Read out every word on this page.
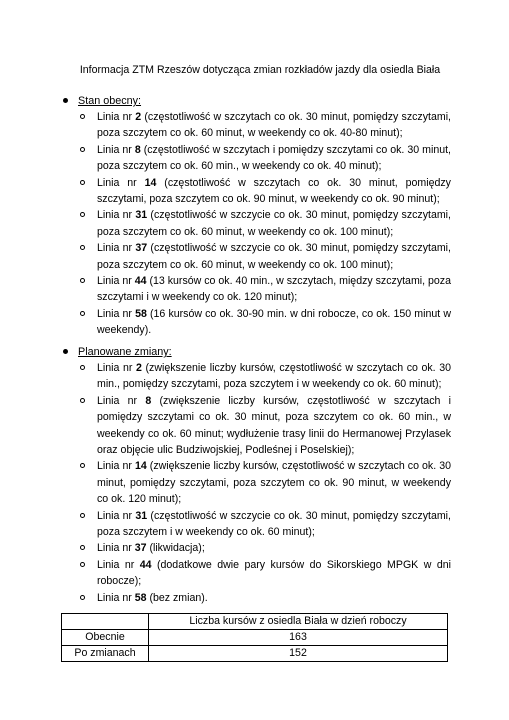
Informacja ZTM Rzeszów dotycząca zmian rozkładów jazdy dla osiedla Biała
Stan obecny:
Linia nr 2 (częstotliwość w szczytach co ok. 30 minut, pomiędzy szczytami, poza szczytem co ok. 60 minut, w weekendy co ok. 40-80 minut);
Linia nr 8 (częstotliwość w szczytach i pomiędzy szczytami co ok. 30 minut, poza szczytem co ok. 60 min., w weekendy co ok. 40 minut);
Linia nr 14 (częstotliwość w szczytach co ok. 30 minut, pomiędzy szczytami, poza szczytem co ok. 90 minut, w weekendy co ok. 90 minut);
Linia nr 31 (częstotliwość w szczycie co ok. 30 minut, pomiędzy szczytami, poza szczytem co ok. 60 minut, w weekendy co ok. 100 minut);
Linia nr 37 (częstotliwość w szczycie co ok. 30 minut, pomiędzy szczytami, poza szczytem co ok. 60 minut, w weekendy co ok. 100 minut);
Linia nr 44 (13 kursów co ok. 40 min., w szczytach, między szczytami, poza szczytami i w weekendy co ok. 120 minut);
Linia nr 58 (16 kursów co ok. 30-90 min. w dni robocze, co ok. 150 minut w weekendy).
Planowane zmiany:
Linia nr 2 (zwiększenie liczby kursów, częstotliwość w szczytach co ok. 30 min., pomiędzy szczytami, poza szczytem i w weekendy co ok. 60 minut);
Linia nr 8 (zwiększenie liczby kursów, częstotliwość w szczytach i pomiędzy szczytami co ok. 30 minut, poza szczytem co ok. 60 min., w weekendy co ok. 60 minut; wydłużenie trasy linii do Hermanowej Przylasek oraz objęcie ulic Budziwojskiej, Podleśnej i Poselskiej);
Linia nr 14 (zwiększenie liczby kursów, częstotliwość w szczytach co ok. 30 minut, pomiędzy szczytami, poza szczytem co ok. 90 minut, w weekendy co ok. 120 minut);
Linia nr 31 (częstotliwość w szczycie co ok. 30 minut, pomiędzy szczytami, poza szczytem i w weekendy co ok. 60 minut);
Linia nr 37 (likwidacja);
Linia nr 44 (dodatkowe dwie pary kursów do Sikorskiego MPGK w dni robocze);
Linia nr 58 (bez zmian).
	Liczba kursów z osiedla Biała w dzień roboczy
Obecnie	163
Po zmianach	152
